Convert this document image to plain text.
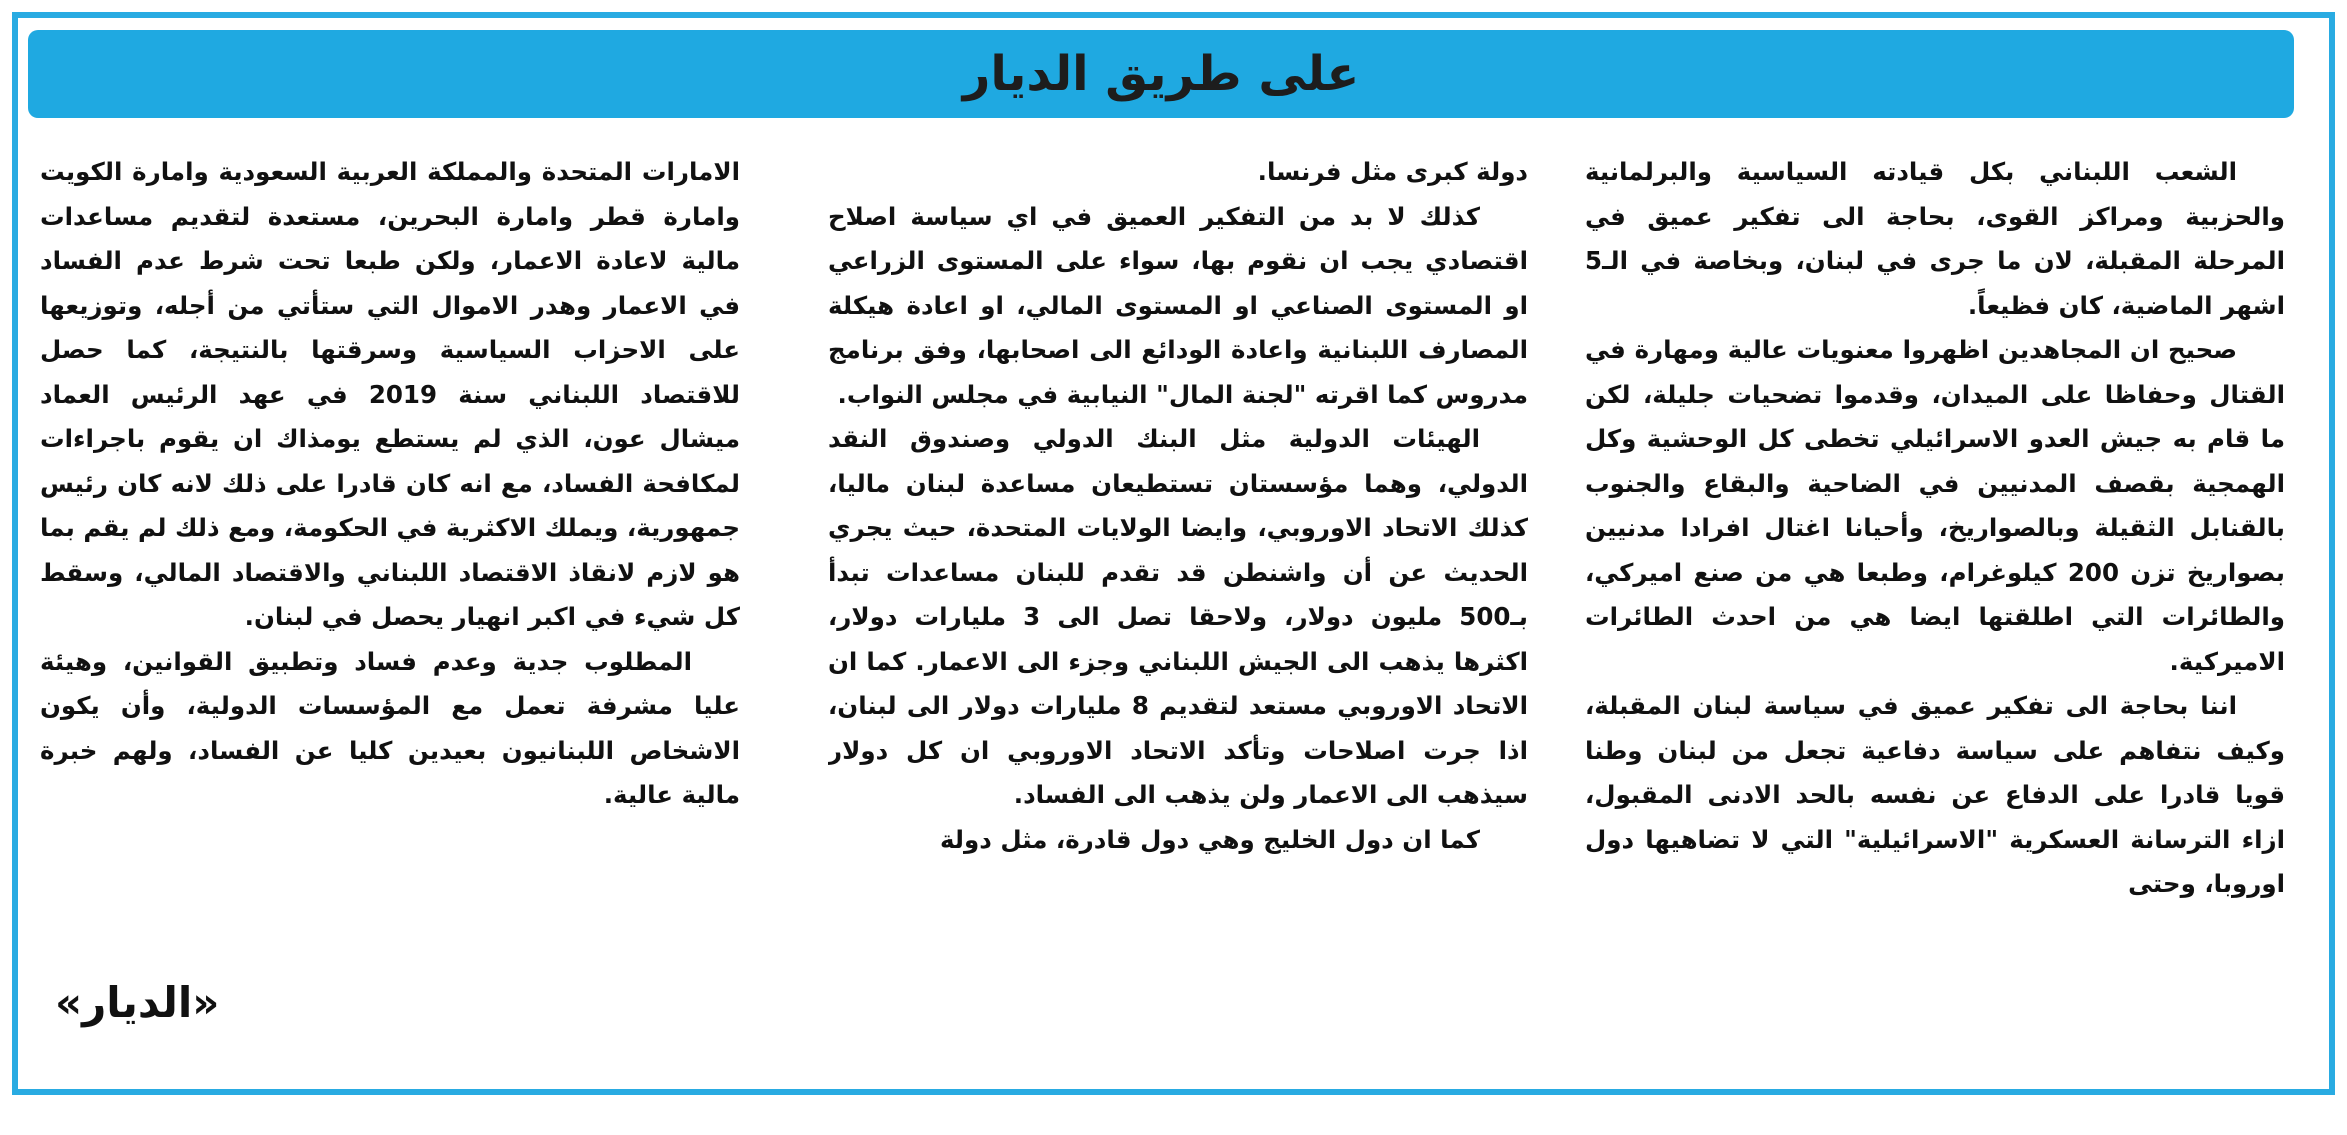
على طريق الديار

الشعب اللبناني بكل قيادته السياسية والبرلمانية والحزبية ومراكز القوى، بحاجة الى تفكير عميق في المرحلة المقبلة، لان ما جرى في لبنان، وبخاصة في الـ5 اشهر الماضية، كان فظيعاً.

صحيح ان المجاهدين اظهروا معنويات عالية ومهارة في القتال وحفاظا على الميدان، وقدموا تضحيات جليلة، لكن ما قام به جيش العدو الاسرائيلي تخطى كل الوحشية وكل الهمجية بقصف المدنيين في الضاحية والبقاع والجنوب بالقنابل الثقيلة وبالصواريخ، وأحيانا اغتال افرادا مدنيين بصواريخ تزن 200 كيلوغرام، وطبعا هي من صنع اميركي، والطائرات التي اطلقتها ايضا هي من احدث الطائرات الاميركية.

اننا بحاجة الى تفكير عميق في سياسة لبنان المقبلة، وكيف نتفاهم على سياسة دفاعية تجعل من لبنان وطنا قويا قادرا على الدفاع عن نفسه بالحد الادنى المقبول، ازاء الترسانة العسكرية "الاسرائيلية" التي لا تضاهيها دول اوروبا، وحتى

دولة كبرى مثل فرنسا.

كذلك لا بد من التفكير العميق في اي سياسة اصلاح اقتصادي يجب ان نقوم بها، سواء على المستوى الزراعي او المستوى الصناعي او المستوى المالي، او اعادة هيكلة المصارف اللبنانية واعادة الودائع الى اصحابها، وفق برنامج مدروس كما اقرته "لجنة المال" النيابية في مجلس النواب.

الهيئات الدولية مثل البنك الدولي وصندوق النقد الدولي، وهما مؤسستان تستطيعان مساعدة لبنان ماليا، كذلك الاتحاد الاوروبي، وايضا الولايات المتحدة، حيث يجري الحديث عن أن واشنطن قد تقدم للبنان مساعدات تبدأ بـ500 مليون دولار، ولاحقا تصل الى 3 مليارات دولار، اكثرها يذهب الى الجيش اللبناني وجزء الى الاعمار. كما ان الاتحاد الاوروبي مستعد لتقديم 8 مليارات دولار الى لبنان، اذا جرت اصلاحات وتأكد الاتحاد الاوروبي ان كل دولار سيذهب الى الاعمار ولن يذهب الى الفساد.

كما ان دول الخليج وهي دول قادرة، مثل دولة

الامارات المتحدة والمملكة العربية السعودية وامارة الكويت وامارة قطر وامارة البحرين، مستعدة لتقديم مساعدات مالية لاعادة الاعمار، ولكن طبعا تحت شرط عدم الفساد في الاعمار وهدر الاموال التي ستأتي من أجله، وتوزيعها على الاحزاب السياسية وسرقتها بالنتيجة، كما حصل للاقتصاد اللبناني سنة 2019 في عهد الرئيس العماد ميشال عون، الذي لم يستطع يومذاك ان يقوم باجراءات لمكافحة الفساد، مع انه كان قادرا على ذلك لانه كان رئيس جمهورية، ويملك الاكثرية في الحكومة، ومع ذلك لم يقم بما هو لازم لانقاذ الاقتصاد اللبناني والاقتصاد المالي، وسقط كل شيء في اكبر انهيار يحصل في لبنان.

المطلوب جدية وعدم فساد وتطبيق القوانين، وهيئة عليا مشرفة تعمل مع المؤسسات الدولية، وأن يكون الاشخاص اللبنانيون بعيدين كليا عن الفساد، ولهم خبرة مالية عالية.

«الديار»
